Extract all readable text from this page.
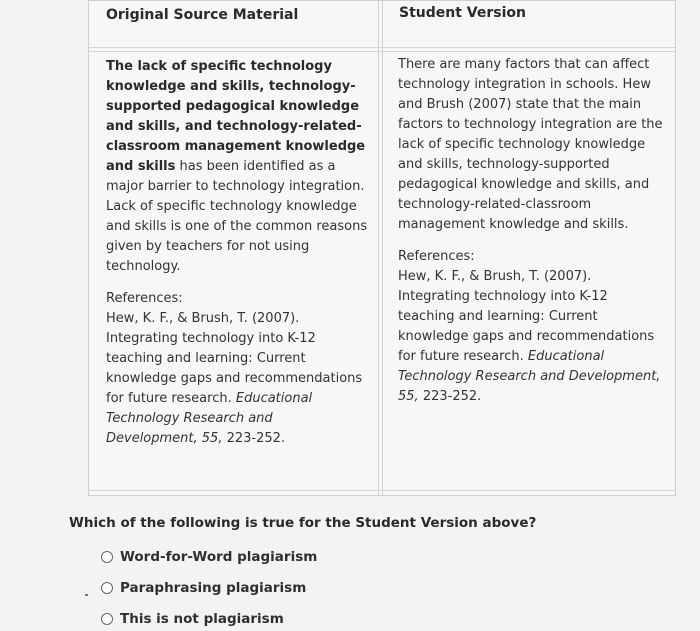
Original Source Material	Student Version

The lack of specific technology knowledge and skills, technology-supported pedagogical knowledge and skills, and technology-related-classroom management knowledge and skills has been identified as a major barrier to technology integration. Lack of specific technology knowledge and skills is one of the common reasons given by teachers for not using technology.

References:

Hew, K. F., & Brush, T. (2007). Integrating technology into K-12 teaching and learning: Current knowledge gaps and recommendations for future research. Educational Technology Research and Development, 55, 223-252.

There are many factors that can affect technology integration in schools. Hew and Brush (2007) state that the main factors to technology integration are the lack of specific technology knowledge and skills, technology-supported pedagogical knowledge and skills, and technology-related-classroom management knowledge and skills.

References:

Hew, K. F., & Brush, T. (2007). Integrating technology into K-12 teaching and learning: Current knowledge gaps and recommendations for future research. Educational Technology Research and Development, 55, 223-252.

Which of the following is true for the Student Version above?
Word-for-Word plagiarism
Paraphrasing plagiarism
This is not plagiarism
